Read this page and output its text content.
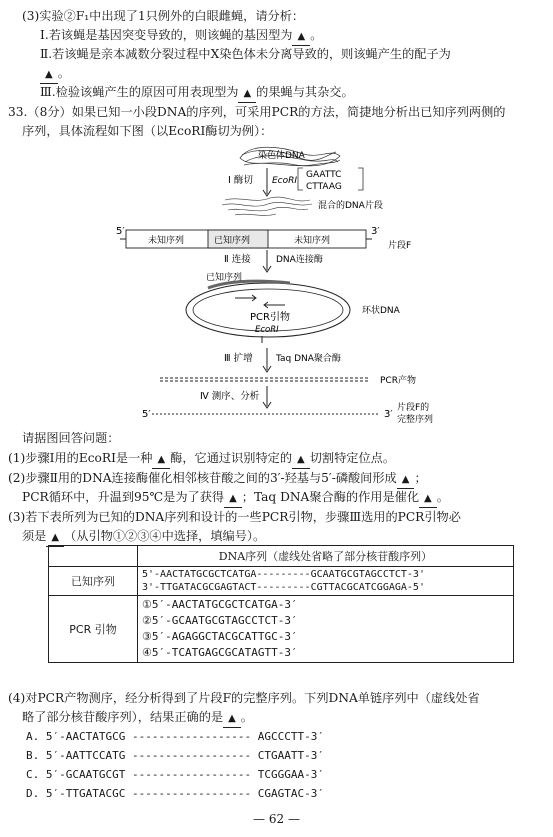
(3)实验②F₁中出现了1只例外的白眼雌蝇，请分析：
Ⅰ.若该蝇是基因突变导致的，则该蝇的基因型为 ▲ 。
Ⅱ.若该蝇是亲本减数分裂过程中X染色体未分离导致的，则该蝇产生的配子为
▲ 。
Ⅲ.检验该蝇产生的原因可用表现型为 ▲ 的果蝇与其杂交。
33.（8分）如果已知一小段DNA的序列，可采用PCR的方法，简捷地分析出已知序列两侧的
序列，具体流程如下图（以EcoRⅠ酶切为例）：
染色体DNA
GAATTC
CTTAAG
Ⅰ 酶切 EcoRⅠ
混合的DNA片段
5′	3′
未知序列	已知序列	未知序列	片段F
Ⅱ 连接	DNA连接酶
已知序列
PCR引物
EcoRⅠ
环状DNA
Ⅲ 扩增	Taq DNA聚合酶
PCR产物
Ⅳ 测序、分析
5′	3′
片段F的
完整序列
请据图回答问题：
(1)步骤Ⅰ用的EcoRⅠ是一种 ▲ 酶，它通过识别特定的 ▲ 切割特定位点。
(2)步骤Ⅱ用的DNA连接酶催化相邻核苷酸之间的3′-羟基与5′-磷酸间形成 ▲ ；
PCR循环中，升温到95℃是为了获得 ▲ ；Taq DNA聚合酶的作用是催化 ▲ 。
(3)若下表所列为已知的DNA序列和设计的一些PCR引物，步骤Ⅲ选用的PCR引物必
须是 ▲ （从引物①②③④中选择，填编号）。
	DNA序列（虚线处省略了部分核苷酸序列）
已知序列	5'-AACTATGCGCTCATGA---------GCAATGCGTAGCCTCT-3'
3'-TTGATACGCGAGTACT---------CGTTACGCATCGGAGA-5'

PCR 引物	①5′-AACTATGCGCTCATGA-3′
②5′-GCAATGCGTAGCCTCT-3′
③5′-AGAGGCTACGCATTGC-3′
④5′-TCATGAGCGCATAGTT-3′
(4)对PCR产物测序，经分析得到了片段F的完整序列。下列DNA单链序列中（虚线处省
略了部分核苷酸序列），结果正确的是 ▲ 。
A. 5′-AACTATGCG ------------------ AGCCCTT-3′
B. 5′-AATTCCATG ------------------ CTGAATT-3′
C. 5′-GCAATGCGT ------------------ TCGGGAA-3′
D. 5′-TTGATACGC ------------------ CGAGTAC-3′
— 62 —
